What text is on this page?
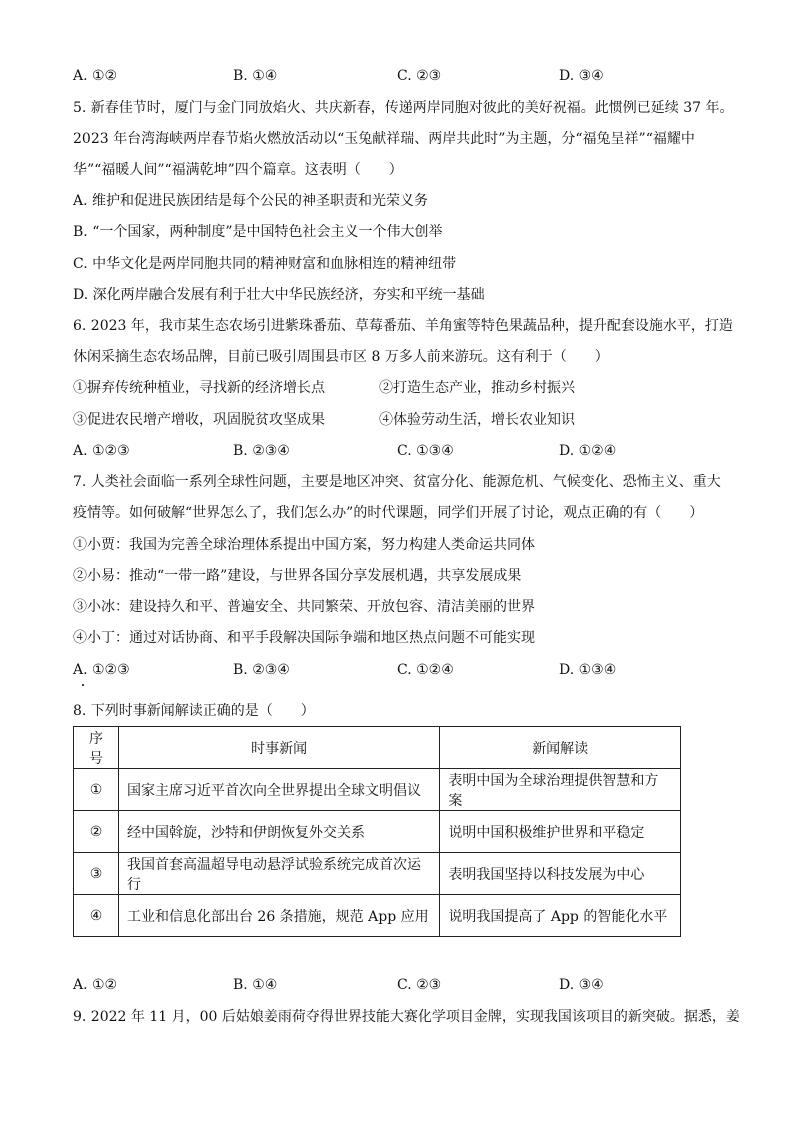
A. ①②	B. ①④	C. ②③	D. ③④
5. 新春佳节时，厦门与金门同放焰火、共庆新春，传递两岸同胞对彼此的美好祝福。此惯例已延续 37 年。
2023 年台湾海峡两岸春节焰火燃放活动以“玉兔献祥瑞、两岸共此时”为主题，分“福兔呈祥”“福耀中
华”“福暖人间”“福满乾坤”四个篇章。这表明（　　）
A. 维护和促进民族团结是每个公民的神圣职责和光荣义务
B. “一个国家，两种制度”是中国特色社会主义一个伟大创举
C. 中华文化是两岸同胞共同的精神财富和血脉相连的精神纽带
D. 深化两岸融合发展有利于壮大中华民族经济，夯实和平统一基础
6. 2023 年，我市某生态农场引进紫珠番茄、草莓番茄、羊角蜜等特色果蔬品种，提升配套设施水平，打造
休闲采摘生态农场品牌，目前已吸引周围县市区 8 万多人前来游玩。这有利于（　　）
①摒弃传统种植业，寻找新的经济增长点	②打造生态产业，推动乡村振兴
③促进农民增产增收，巩固脱贫攻坚成果	④体验劳动生活，增长农业知识
A. ①②③	B. ②③④	C. ①③④	D. ①②④
7. 人类社会面临一系列全球性问题，主要是地区冲突、贫富分化、能源危机、气候变化、恐怖主义、重大
疫情等。如何破解“世界怎么了，我们怎么办”的时代课题，同学们开展了讨论，观点正确的有（　　）
①小贾：我国为完善全球治理体系提出中国方案，努力构建人类命运共同体
②小易：推动“一带一路”建设，与世界各国分享发展机遇，共享发展成果
③小冰：建设持久和平、普遍安全、共同繁荣、开放包容、清洁美丽的世界
④小丁：通过对话协商、和平手段解决国际争端和地区热点问题不可能实现
A. ①②③	B. ②③④	C. ①②④	D. ①③④
8. 下列时事新闻解读正确的是（　　）
序号	时事新闻	新闻解读
①	国家主席习近平首次向全世界提出全球文明倡议	表明中国为全球治理提供智慧和方案
②	经中国斡旋，沙特和伊朗恢复外交关系	说明中国积极维护世界和平稳定
③	我国首套高温超导电动悬浮试验系统完成首次运行	表明我国坚持以科技发展为中心
④	工业和信息化部出台 26 条措施，规范 App 应用	说明我国提高了 App 的智能化水平
A. ①②	B. ①④	C. ②③	D. ③④
9. 2022 年 11 月，00 后姑娘姜雨荷夺得世界技能大赛化学项目金牌，实现我国该项目的新突破。据悉，姜
